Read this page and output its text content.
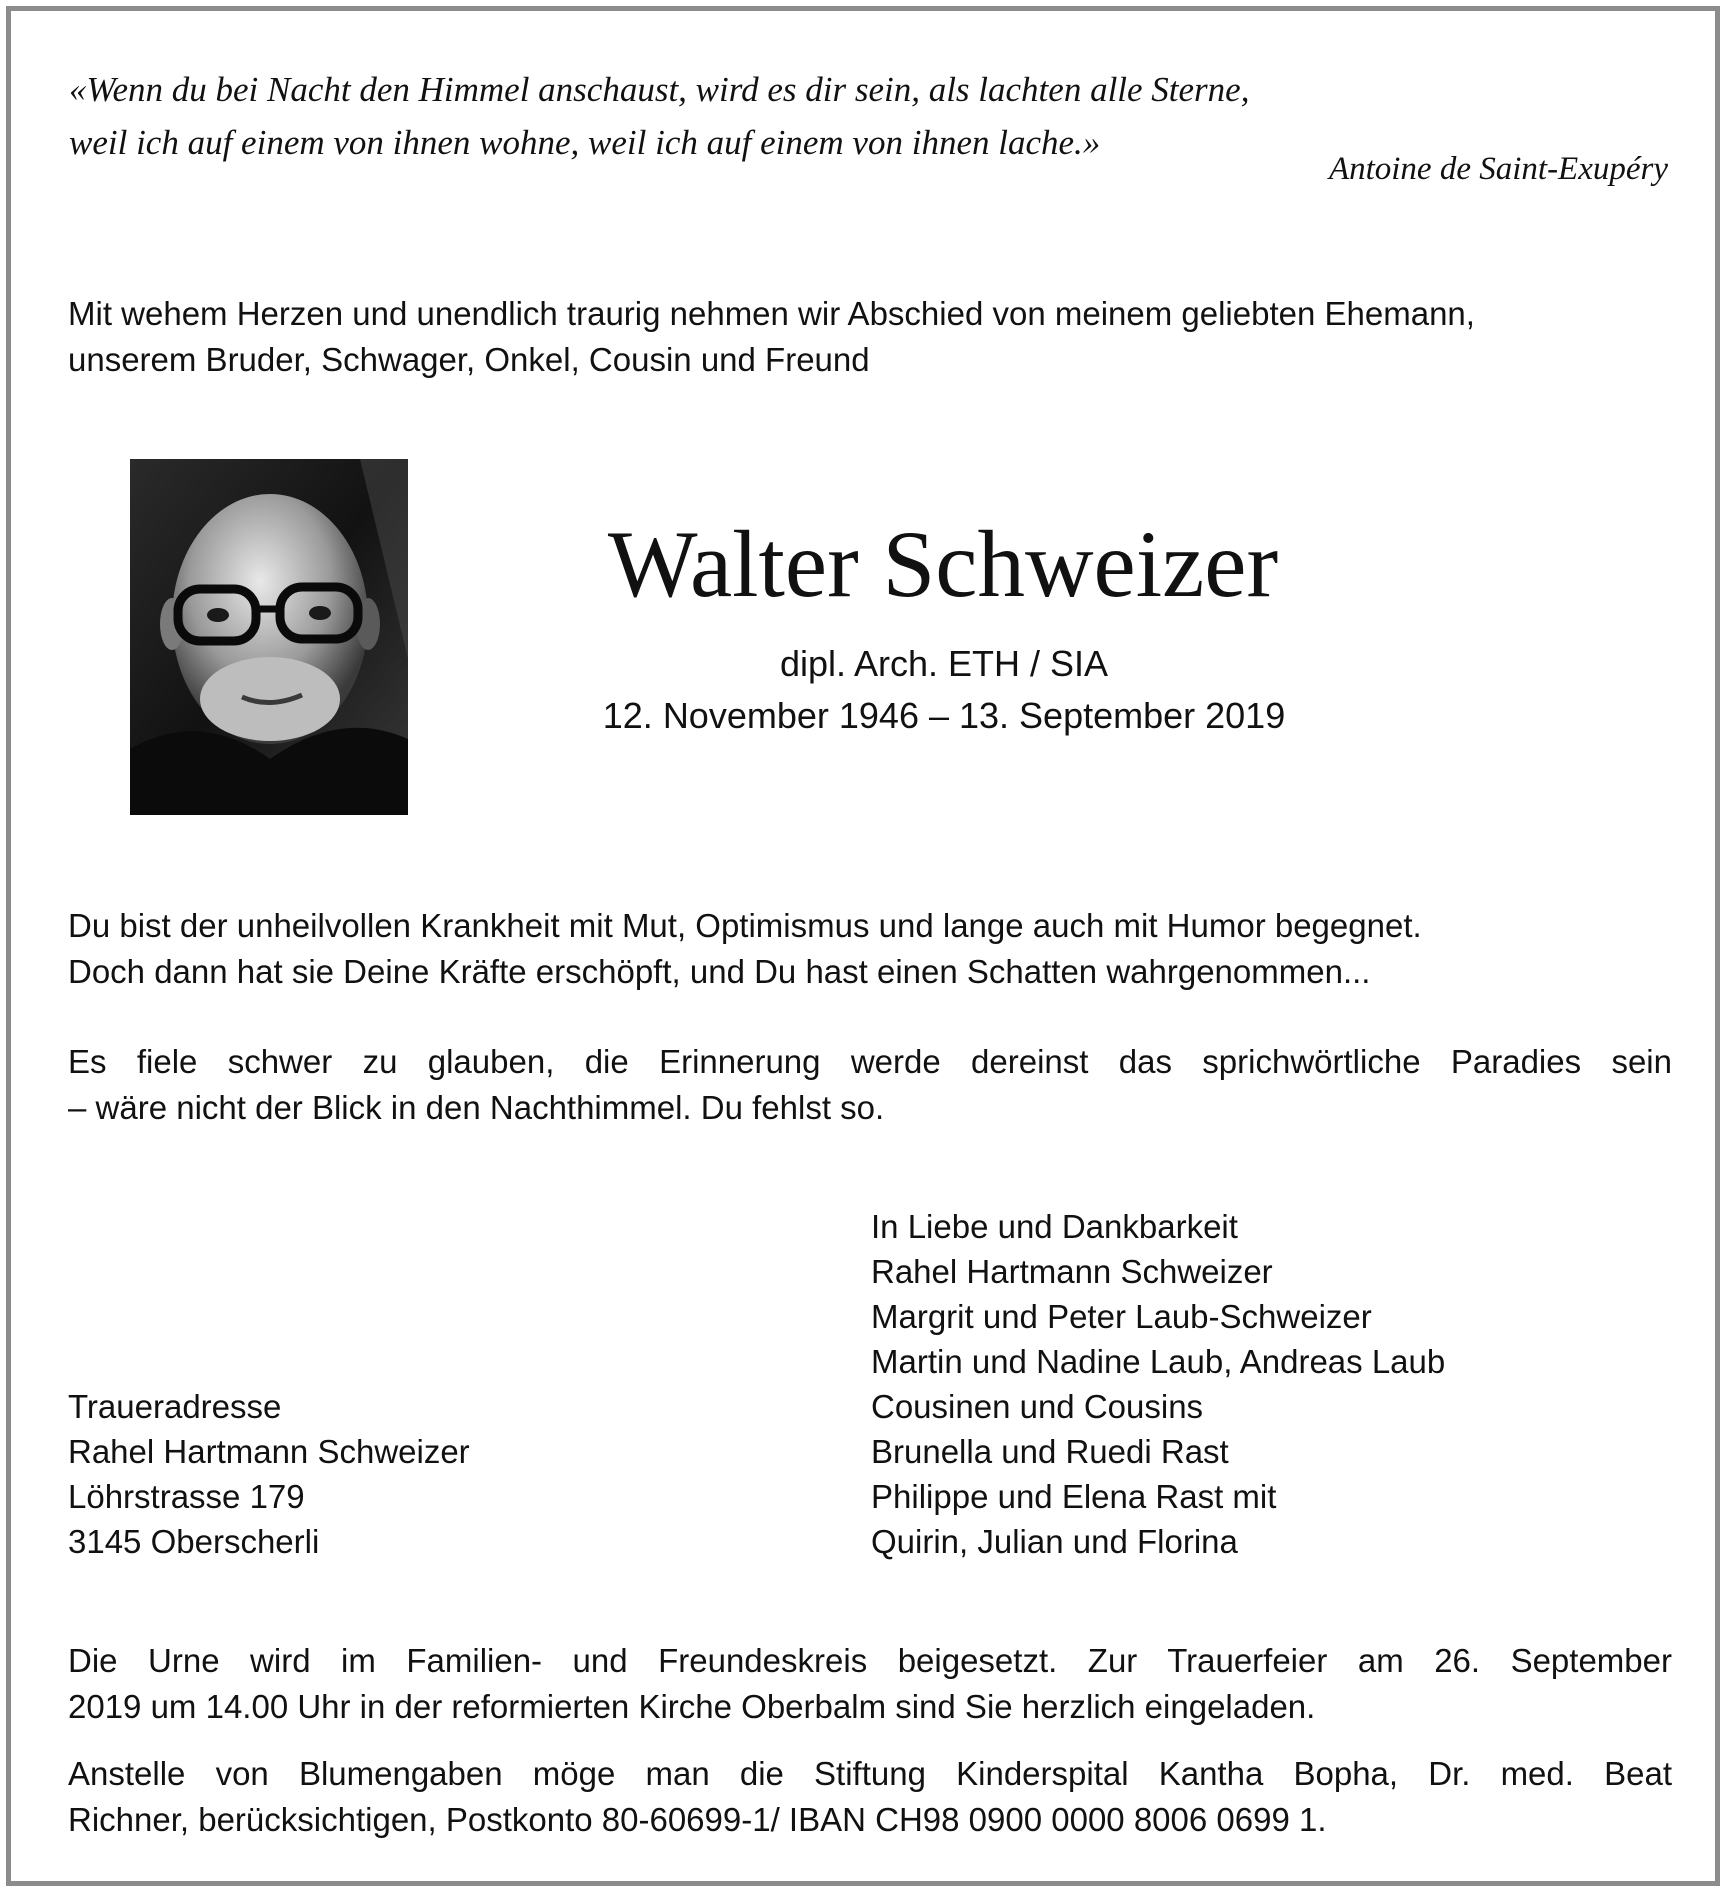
«Wenn du bei Nacht den Himmel anschaust, wird es dir sein, als lachten alle Sterne,
weil ich auf einem von ihnen wohne, weil ich auf einem von ihnen lache.»
Antoine de Saint-Exupéry
Mit wehem Herzen und unendlich traurig nehmen wir Abschied von meinem geliebten Ehemann,
unserem Bruder, Schwager, Onkel, Cousin und Freund
Walter Schweizer
dipl. Arch. ETH / SIA
12. November 1946 – 13. September 2019
Du bist der unheilvollen Krankheit mit Mut, Optimismus und lange auch mit Humor begegnet.
Doch dann hat sie Deine Kräfte erschöpft, und Du hast einen Schatten wahrgenommen...
Es fiele schwer zu glauben, die Erinnerung werde dereinst das sprichwörtliche Paradies sein
– wäre nicht der Blick in den Nachthimmel. Du fehlst so.
In Liebe und Dankbarkeit
Rahel Hartmann Schweizer
Margrit und Peter Laub-Schweizer
Martin und Nadine Laub, Andreas Laub
Cousinen und Cousins
Brunella und Ruedi Rast
Philippe und Elena Rast mit
Quirin, Julian und Florina
Traueradresse
Rahel Hartmann Schweizer
Löhrstrasse 179
3145 Oberscherli
Die Urne wird im Familien- und Freundeskreis beigesetzt. Zur Trauerfeier am 26. September
2019 um 14.00 Uhr in der reformierten Kirche Oberbalm sind Sie herzlich eingeladen.
Anstelle von Blumengaben möge man die Stiftung Kinderspital Kantha Bopha, Dr. med. Beat
Richner, berücksichtigen, Postkonto 80-60699-1/ IBAN CH98 0900 0000 8006 0699 1.
